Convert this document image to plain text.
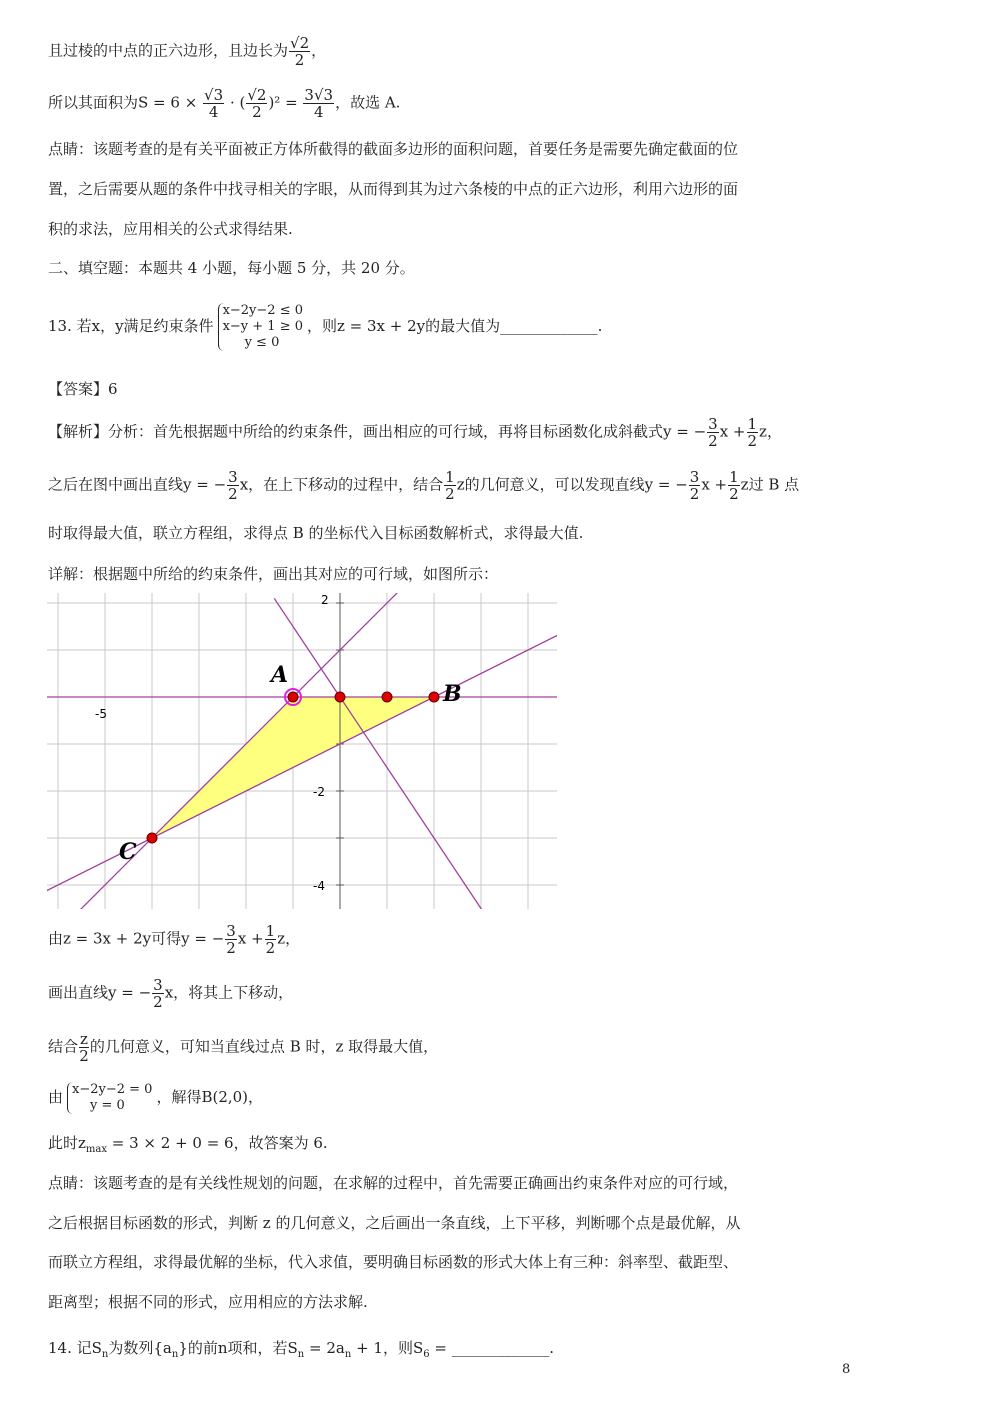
且过棱的中点的正六边形，且边长为 $\frac{√2}{2}$ ，
所以其面积为$S = 6 \times \frac{√3}{4}$ · ( $\frac{√2}{2} )^2 = \frac{3√3}{4}$ ，故选 A.
点睛：该题考查的是有关平面被正方体所截得的截面多边形的面积问题，首要任务是需要先确定截面的位
置，之后需要从题的条件中找寻相关的字眼，从而得到其为过六条棱的中点的正六边形，利用六边形的面
积的求法，应用相关的公式求得结果.
二、填空题：本题共 4 小题，每小题 5 分，共 20 分。
13. 若x，y满足约束条件
x−2y−2 ≤ 0
x−y + 1 ≥ 0
y ≤ 0
，则z = 3x + 2y的最大值为_____________.
【答案】6
【解析】分析：首先根据题中所给的约束条件，画出相应的可行域，再将目标函数化成斜截式y = − $\frac{3}{2}$ $x + \frac{1}{2}$ z，
之后在图中画出直线y = − $\frac{3}{2}$ x，在上下移动的过程中，结合 $\frac{1}{2}$ z的几何意义，可以发现直线y = − $\frac{3}{2}$ $x + \frac{1}{2}$ z过 B 点
时取得最大值，联立方程组，求得点 B 的坐标代入目标函数解析式，求得最大值.
详解：根据题中所给的约束条件，画出其对应的可行域，如图所示：
2
-5
-2
-4
A
B
C
由z = 3x + 2y可得y = − $\frac{3}{2}$ $x + \frac{1}{2}$ z，
画出直线y = − $\frac{3}{2}$ x，将其上下移动，
结合 $\frac{z}{2}$ 的几何意义，可知当直线过点 B 时，z 取得最大值，
由 x−2y−2 = 0
y = 0	，解得B(2,0)，
此时$z_{max} = 3 \times 2 + 0 = 6$，故答案为 6.
点睛：该题考查的是有关线性规划的问题，在求解的过程中，首先需要正确画出约束条件对应的可行域，
之后根据目标函数的形式，判断 z 的几何意义，之后画出一条直线，上下平移，判断哪个点是最优解，从
而联立方程组，求得最优解的坐标，代入求值，要明确目标函数的形式大体上有三种：斜率型、截距型、
距离型；根据不同的形式，应用相应的方法求解.
14. 记$S_n$为数列$\{a_n\}$的前n项和，若$S_n = 2a_n + 1$，则$S_6$ = _____________.
8
